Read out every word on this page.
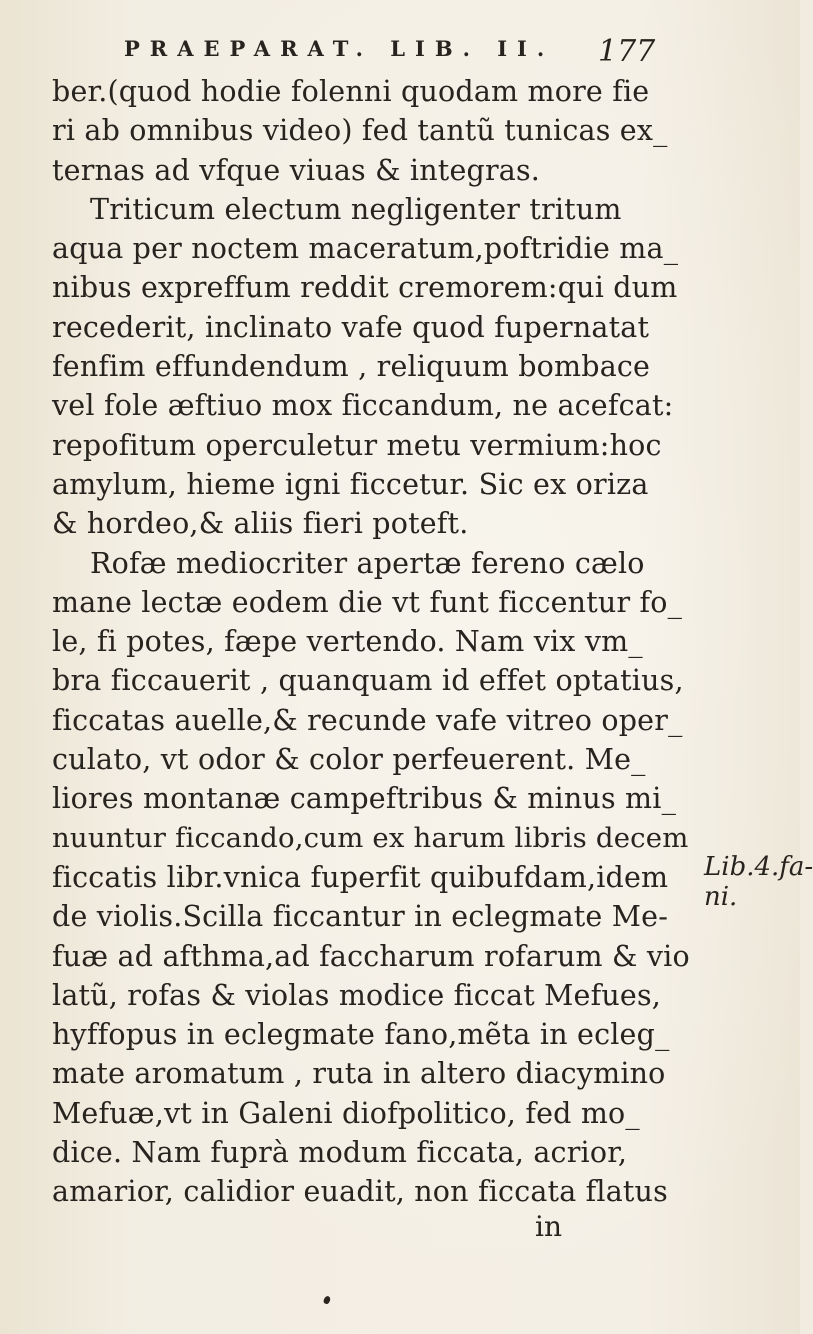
PRAEPARAT. LIB. II. 177
ber.(quod hodie folenni quodam more fie
ri ab omnibus video) fed tantũ tunicas ex_
ternas ad vfque viuas & integras.
Triticum electum negligenter tritum
aqua per noctem maceratum,poftridie ma_
nibus expreffum reddit cremorem:qui dum
recederit, inclinato vafe quod fupernatat
fenfim effundendum , reliquum bombace
vel fole æftiuo mox ficcandum, ne acefcat:
repofitum operculetur metu vermium:hoc
amylum, hieme igni ficcetur. Sic ex oriza
& hordeo,& aliis fieri poteft.
Rofæ mediocriter apertæ fereno cælo
mane lectæ eodem die vt funt ficcentur fo_
le, fi potes, fæpe vertendo. Nam vix vm_
bra ficcauerit , quanquam id effet optatius,
ficcatas auelle,& recunde vafe vitreo oper_
culato, vt odor & color perfeuerent. Me_
liores montanæ campeftribus & minus mi_
nuuntur ficcando,cum ex harum libris decem
ficcatis libr.vnica fuperfit quibufdam,idem
de violis.Scilla ficcantur in eclegmate Me-
fuæ ad afthma,ad faccharum rofarum & vio
latũ, rofas & violas modice ficcat Mefues,
hyffopus in eclegmate fano,mẽta in ecleg_
mate aromatum , ruta in altero diacymino
Mefuæ,vt in Galeni diofpolitico, fed mo_
dice. Nam fuprà modum ficcata, acrior,
amarior, calidior euadit, non ficcata flatus
Lib.4.fa-
ni.
in
